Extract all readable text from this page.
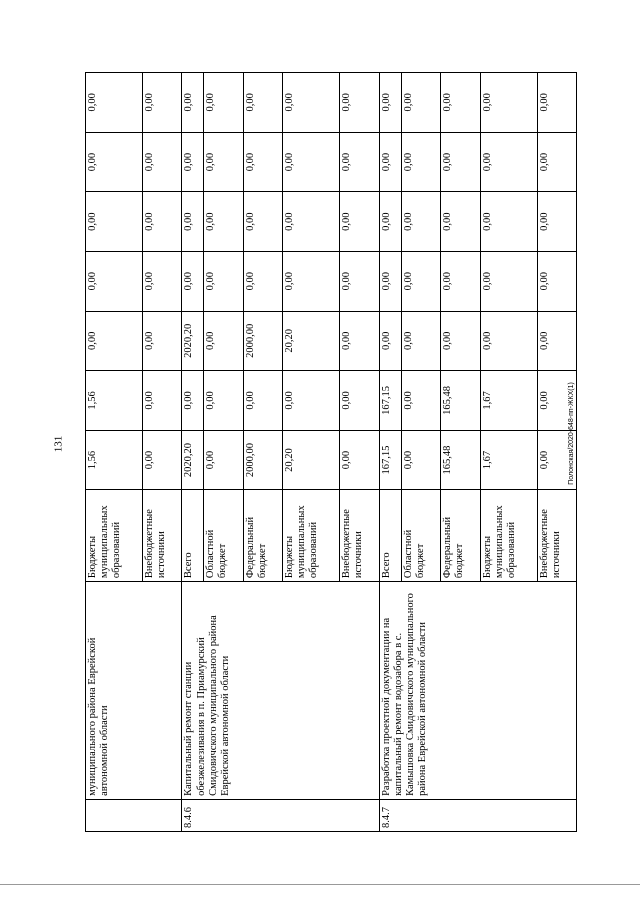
131	Полонская/2020-648-пп-ЖКХ(1)
	муниципального района Еврейской автономной области	Бюджеты муниципальных образований	1,56	1,56	0,00	0,00	0,00	0,00	0,00
		Внебюджетные источники	0,00	0,00	0,00	0,00	0,00	0,00	0,00
8.4.6	Капитальный ремонт станции обезжелезивания в п. Приамурский Смидовичского муниципального района Еврейской автономной области	Всего	2020,20	0,00	2020,20	0,00	0,00	0,00	0,00
		Областной бюджет	0,00	0,00	0,00	0,00	0,00	0,00	0,00
		Федеральный бюджет	2000,00	0,00	2000,00	0,00	0,00	0,00	0,00
		Бюджеты муниципальных образований	20,20	0,00	20,20	0,00	0,00	0,00	0,00
		Внебюджетные источники	0,00	0,00	0,00	0,00	0,00	0,00	0,00
8.4.7	Разработка проектной документации на капитальный ремонт водозабора в с. Камышовка Смидовичского муниципального района Еврейской автономной области	Всего	167,15	167,15	0,00	0,00	0,00	0,00	0,00
		Областной бюджет	0,00	0,00	0,00	0,00	0,00	0,00	0,00
		Федеральный бюджет	165,48	165,48	0,00	0,00	0,00	0,00	0,00
		Бюджеты муниципальных образований	1,67	1,67	0,00	0,00	0,00	0,00	0,00
		Внебюджетные источники	0,00	0,00	0,00	0,00	0,00	0,00	0,00
